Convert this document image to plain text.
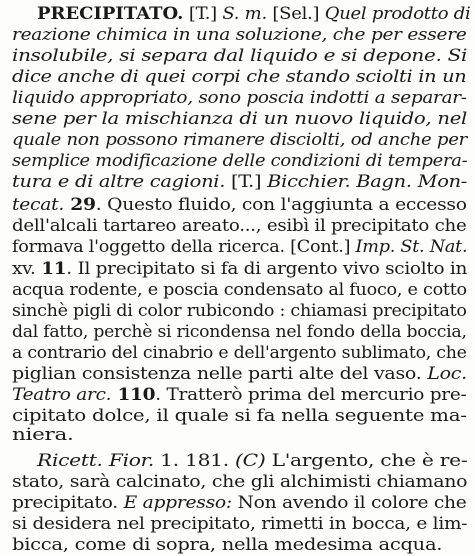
PRECIPITATO. [T.] S. m. [Sel.] Quel prodotto di
reazione chimica in una soluzione, che per essere
insolubile, si separa dal liquido e si depone. Si
dice anche di quei corpi che stando sciolti in un
liquido appropriato, sono poscia indotti a separar-
sene per la mischianza di un nuovo liquido, nel
quale non possono rimanere disciolti, od anche per
semplice modificazione delle condizioni di tempera-
tura e di altre cagioni. [T.] Bicchier. Bagn. Mon-
tecat. 29. Questo fluido, con l'aggiunta a eccesso
dell'alcali tartareo areato..., esibì il precipitato che
formava l'oggetto della ricerca. [Cont.] Imp. St. Nat.
xv. 11. Il precipitato si fa di argento vivo sciolto in
acqua rodente, e poscia condensato al fuoco, e cotto
sinchè pigli di color rubicondo : chiamasi precipitato
dal fatto, perchè si ricondensa nel fondo della boccia,
a contrario del cinabrio e dell'argento sublimato, che
piglian consistenza nelle parti alte del vaso. Loc.
Teatro arc. 110. Tratterò prima del mercurio pre-
cipitato dolce, il quale si fa nella seguente ma-
niera.
Ricett. Fior. 1. 181. (C) L'argento, che è re-
stato, sarà calcinato, che gli alchimisti chiamano
precipitato. E appresso: Non avendo il colore che
si desidera nel precipitato, rimetti in bocca, e lim-
bicca, come di sopra, nella medesima acqua.
